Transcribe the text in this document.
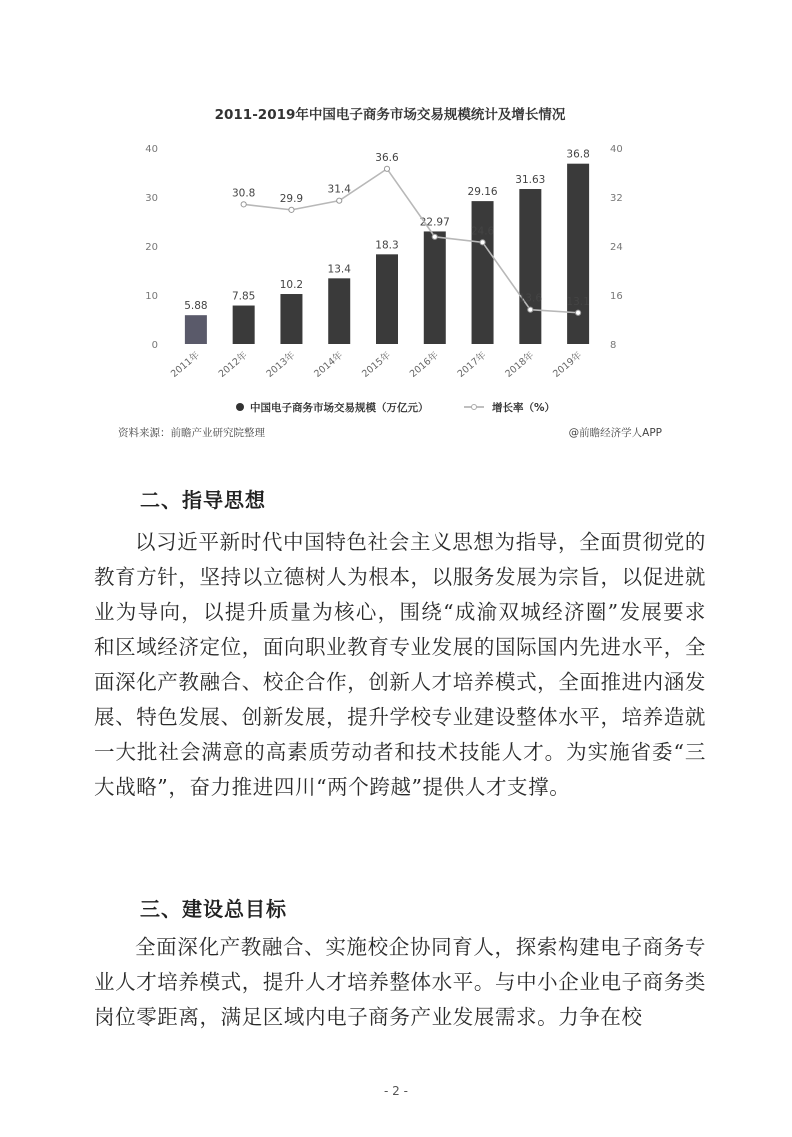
2011-2019年中国电子商务市场交易规模统计及增长情况
0
10
20
30
40
8
16
24
32
40
5.88
7.85
10.2
13.4
18.3
22.97
29.16
31.63
36.8
30.8 29.9
31.4
36.6
24.6
13.6 13.1
2011年 2012年 2013年 2014年 2015年 2016年 2017年 2018年 2019年
中国电子商务市场交易规模（万亿元）	增长率（%）
资料来源：前瞻产业研究院整理	@前瞻经济学人APP
二、指导思想
以习近平新时代中国特色社会主义思想为指导，全面贯彻党的教育方针，坚持以立德树人为根本，以服务发展为宗旨，以促进就业为导向，以提升质量为核心，围绕“成渝双城经济圈”发展要求和区域经济定位，面向职业教育专业发展的国际国内先进水平，全面深化产教融合、校企合作，创新人才培养模式，全面推进内涵发展、特色发展、创新发展，提升学校专业建设整体水平，培养造就一大批社会满意的高素质劳动者和技术技能人才。为实施省委“三大战略”，奋力推进四川“两个跨越”提供人才支撑。
三、建设总目标
全面深化产教融合、实施校企协同育人，探索构建电子商务专业人才培养模式，提升人才培养整体水平。与中小企业电子商务类岗位零距离，满足区域内电子商务产业发展需求。力争在校
- 2 -
